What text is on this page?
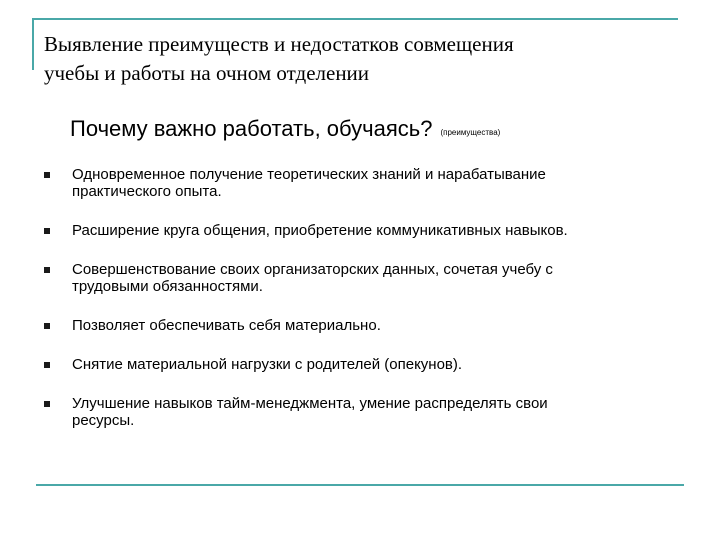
Выявление преимуществ и недостатков совмещения
учебы и работы на очном отделении
Почему важно работать, обучаясь? (преимущества)
Одновременное получение теоретических знаний и нарабатывание
практического опыта.
Расширение круга общения, приобретение коммуникативных навыков.
Совершенствование своих организаторских данных, сочетая учебу с
трудовыми обязанностями.
Позволяет обеспечивать себя материально.
Снятие материальной нагрузки с родителей (опекунов).
Улучшение навыков тайм-менеджмента, умение распределять свои
ресурсы.
